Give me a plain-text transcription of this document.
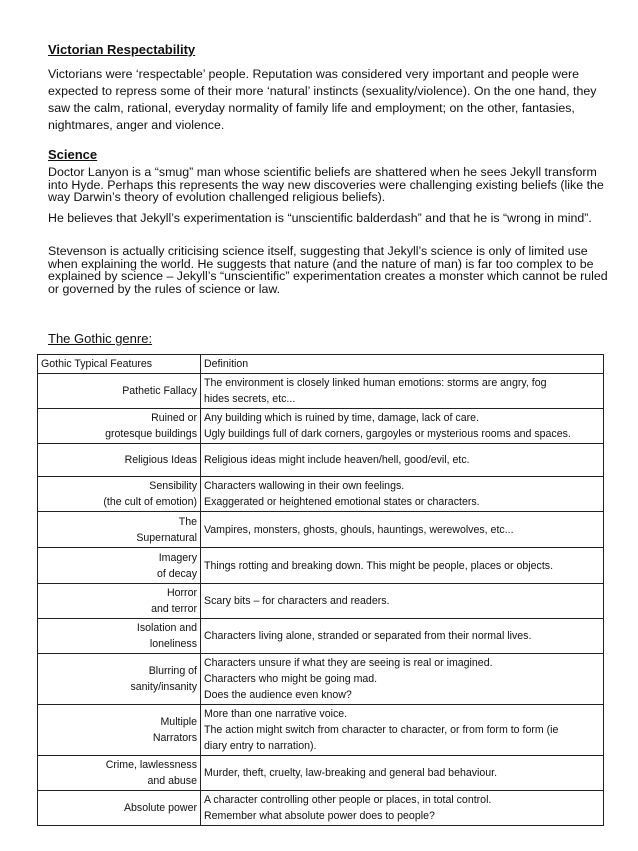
Victorian Respectability

Victorians were ‘respectable’ people. Reputation was considered very important and people were expected to repress some of their more ‘natural’ instincts (sexuality/violence). On the one hand, they saw the calm, rational, everyday normality of family life and employment; on the other, fantasies, nightmares, anger and violence.

Science

Doctor Lanyon is a “smug” man whose scientific beliefs are shattered when he sees Jekyll transform into Hyde. Perhaps this represents the way new discoveries were challenging existing beliefs (like the way Darwin’s theory of evolution challenged religious beliefs).

He believes that Jekyll’s experimentation is “unscientific balderdash” and that he is “wrong in mind”.

Stevenson is actually criticising science itself, suggesting that Jekyll’s science is only of limited use when explaining the world. He suggests that nature (and the nature of man) is far too complex to be explained by science – Jekyll’s “unscientific” experimentation creates a monster which cannot be ruled or governed by the rules of science or law.

The Gothic genre:
Gothic Typical Features	Definition

Pathetic Fallacy	The environment is closely linked human emotions: storms are angry, fog
hides secrets, etc...

Ruined or
grotesque buildings	Any building which is ruined by time, damage, lack of care.
Ugly buildings full of dark corners, gargoyles or mysterious rooms and spaces.

Religious Ideas	Religious ideas might include heaven/hell, good/evil, etc.

Sensibility
(the cult of emotion)	Characters wallowing in their own feelings.
Exaggerated or heightened emotional states or characters.

The
Supernatural	Vampires, monsters, ghosts, ghouls, hauntings, werewolves, etc...

Imagery
of decay	Things rotting and breaking down. This might be people, places or objects.

Horror
and terror	Scary bits – for characters and readers.

Isolation and
loneliness	Characters living alone, stranded or separated from their normal lives.

Blurring of
sanity/insanity	Characters unsure if what they are seeing is real or imagined.
Characters who might be going mad.
Does the audience even know?

Multiple
Narrators	More than one narrative voice.
The action might switch from character to character, or from form to form (ie
diary entry to narration).

Crime, lawlessness
and abuse	Murder, theft, cruelty, law-breaking and general bad behaviour.

Absolute power	A character controlling other people or places, in total control.
Remember what absolute power does to people?
